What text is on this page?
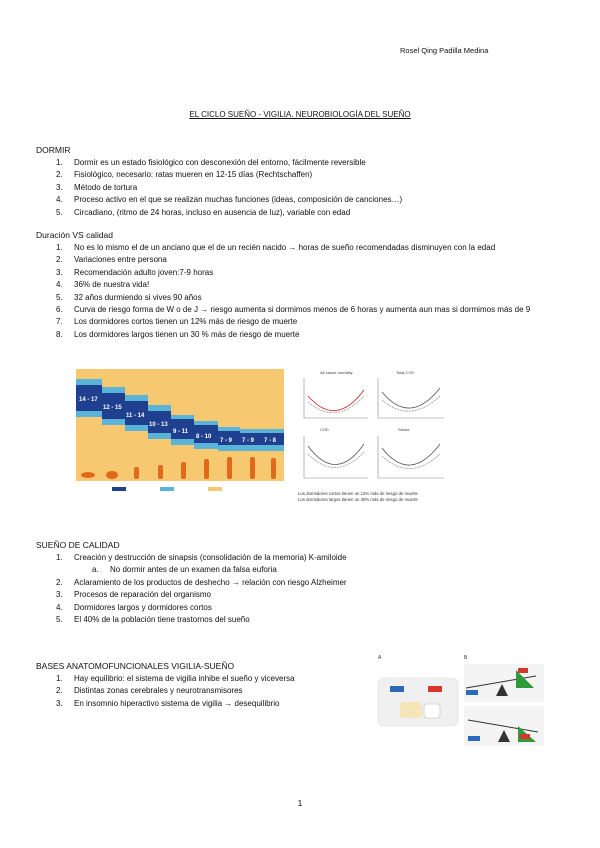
Rosel Qing Padilla Medina
EL CICLO SUEÑO - VIGILIA. NEUROBIOLOGÍA DEL SUEÑO
DORMIR
1. Dormir es un estado fisiológico con desconexión del entorno, fácilmente reversible
2. Fisiológico, necesario: ratas mueren en 12-15 días (Rechtschaffen)
3. Método de tortura
4. Proceso activo en el que se realizan muchas funciones (ideas, composición de canciones…)
5. Circadiano, (ritmo de 24 horas, incluso en ausencia de luz), variable con edad
Duración VS calidad
1. No es lo mismo el de un anciano que el de un recién nacido → horas de sueño recomendadas disminuyen con la edad
2. Variaciones entre persona
3. Recomendación adulto joven:7-9 horas
4. 36% de nuestra vida!
5. 32 años durmiendo si vives 90 años
6. Curva de riesgo forma de W o de J → riesgo aumenta si dormimos menos de 6 horas y aumenta aun mas si dormimos más de 9
7. Los dormidores cortos tienen un 12% más de riesgo de muerte
8. Los dormidores largos tienen un 30 % más de riesgo de muerte
14 - 17
12 - 15
11 - 14
10 - 13
9 - 11
8 - 10
7 - 9 7 - 9 7 - 8
All-cause mortality	Total CVD
CHD	Stroke
Los dormidores cortos tienen un 12% más de riesgo de muerte
Los dormidores largos tienen un 30% más de riesgo de muerte
SUEÑO DE CALIDAD
1. Creación y destrucción de sinapsis (consolidación de la memoria) K-amiloide
a. No dormir antes de un examen da falsa euforia
2. Aclaramiento de los productos de deshecho → relación con riesgo Alzheimer
3. Procesos de reparación del organismo
4. Dormidores largos y dormidores cortos
5. El 40% de la población tiene trastornos del sueño
BASES ANATOMOFUNCIONALES VIGILIA-SUEÑO
1. Hay equilibrio: el sistema de vigilia inhibe el sueño y viceversa
2. Distintas zonas cerebrales y neurotransmisores
3. En insomnio hiperactivo sistema de vigilia → desequilibrio
A	B
1
